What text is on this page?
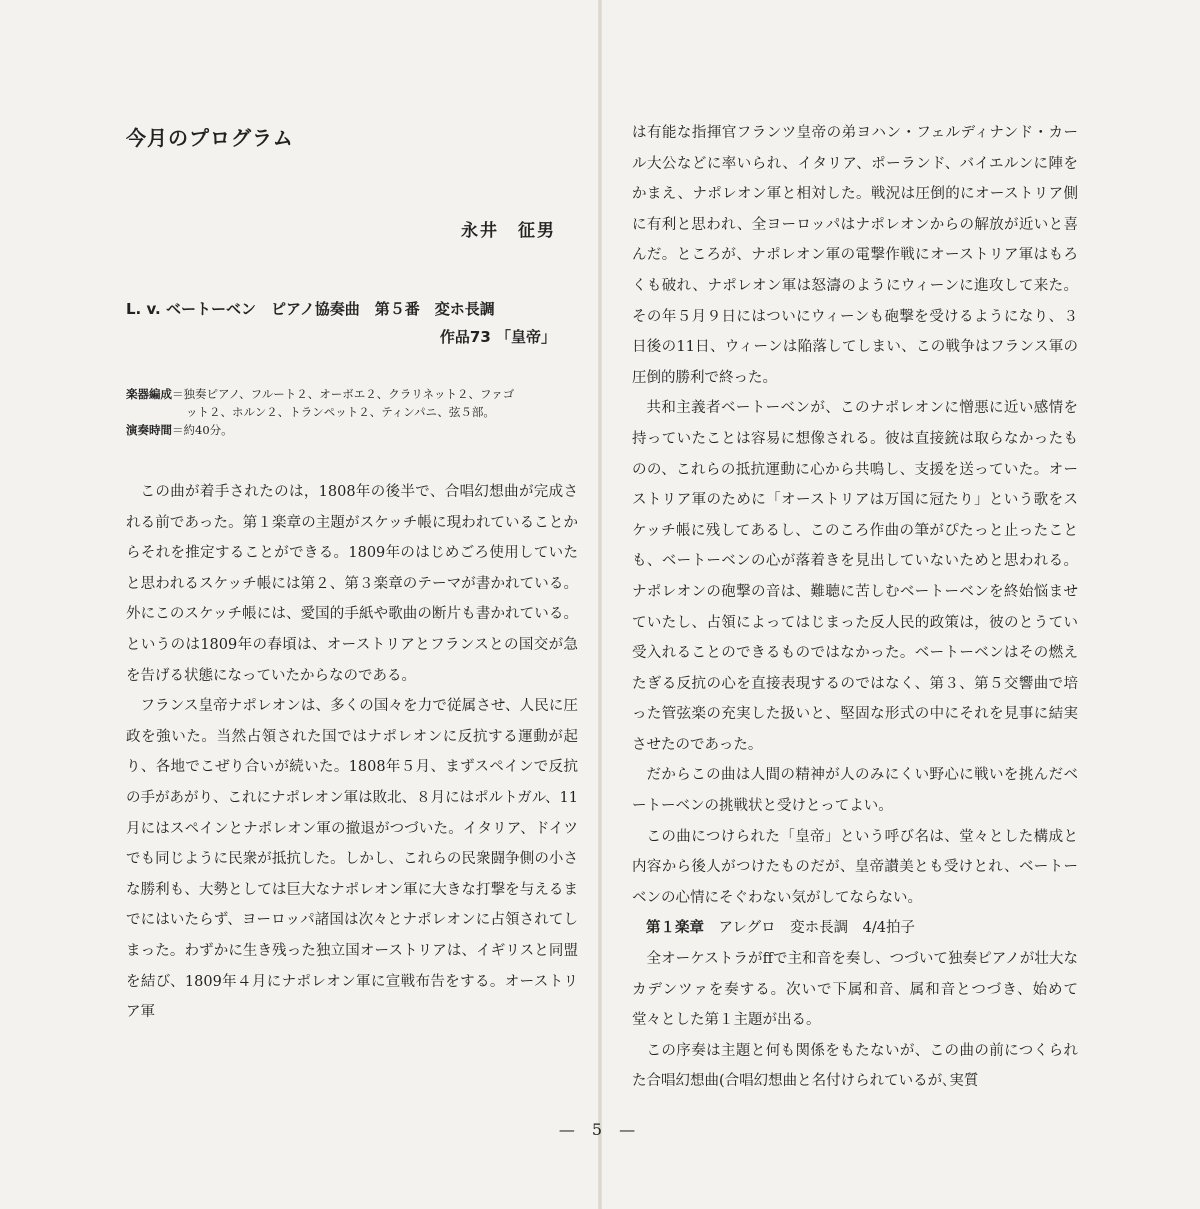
今月のプログラム
永井　征男
L. v. ベートーベン　ピアノ協奏曲　第５番　変ホ長調
作品73 「皇帝」
楽器編成＝独奏ピアノ、フルート２、オーボエ２、クラリネット２、ファゴ
ット２、ホルン２、トランペット２、ティンパニ、弦５部。
演奏時間＝約40分。

この曲が着手されたのは，1808年の後半で、合唱幻想曲が完成される前であった。第１楽章の主題がスケッチ帳に現われていることからそれを推定することができる。1809年のはじめごろ使用していたと思われるスケッチ帳には第２、第３楽章のテーマが書かれている。外にこのスケッチ帳には、愛国的手紙や歌曲の断片も書かれている。というのは1809年の春頃は、オーストリアとフランスとの国交が急を告げる状態になっていたからなのである。

フランス皇帝ナポレオンは、多くの国々を力で従属させ、人民に圧政を強いた。当然占領された国ではナポレオンに反抗する運動が起り、各地でこぜり合いが続いた。1808年５月、まずスペインで反抗の手があがり、これにナポレオン軍は敗北、８月にはポルトガル、11月にはスペインとナポレオン軍の撤退がつづいた。イタリア、ドイツでも同じように民衆が抵抗した。しかし、これらの民衆闘争側の小さな勝利も、大勢としては巨大なナポレオン軍に大きな打撃を与えるまでにはいたらず、ヨーロッパ諸国は次々とナポレオンに占領されてしまった。わずかに生き残った独立国オーストリアは、イギリスと同盟を結び、1809年４月にナポレオン軍に宣戦布告をする。オーストリア軍

は有能な指揮官フランツ皇帝の弟ヨハン・フェルディナンド・カール大公などに率いられ、イタリア、ポーランド、バイエルンに陣をかまえ、ナポレオン軍と相対した。戦況は圧倒的にオーストリア側に有利と思われ、全ヨーロッパはナポレオンからの解放が近いと喜んだ。ところが、ナポレオン軍の電撃作戦にオーストリア軍はもろくも破れ、ナポレオン軍は怒濤のようにウィーンに進攻して来た。その年５月９日にはついにウィーンも砲撃を受けるようになり、３日後の11日、ウィーンは陥落してしまい、この戦争はフランス軍の圧倒的勝利で終った。

共和主義者ベートーベンが、このナポレオンに憎悪に近い感情を持っていたことは容易に想像される。彼は直接銃は取らなかったものの、これらの抵抗運動に心から共鳴し、支援を送っていた。オーストリア軍のために「オーストリアは万国に冠たり」という歌をスケッチ帳に残してあるし、このころ作曲の筆がぴたっと止ったことも、ベートーベンの心が落着きを見出していないためと思われる。ナポレオンの砲撃の音は、難聴に苦しむベートーベンを終始悩ませていたし、占領によってはじまった反人民的政策は，彼のとうてい受入れることのできるものではなかった。ベートーベンはその燃えたぎる反抗の心を直接表現するのではなく、第３、第５交響曲で培った管弦楽の充実した扱いと、堅固な形式の中にそれを見事に結実させたのであった。

だからこの曲は人間の精神が人のみにくい野心に戦いを挑んだベートーベンの挑戦状と受けとってよい。

この曲につけられた「皇帝」という呼び名は、堂々とした構成と内容から後人がつけたものだが、皇帝讃美とも受けとれ、ベートーベンの心情にそぐわない気がしてならない。

第１楽章　アレグロ　変ホ長調　4/4拍子

全オーケストラがffで主和音を奏し、つづいて独奏ピアノが壮大なカデンツァを奏する。次いで下属和音、属和音とつづき、始めて堂々とした第１主題が出る。

この序奏は主題と何も関係をもたないが、この曲の前につくられた合唱幻想曲(合唱幻想曲と名付けられているが､実質

— 5 —
